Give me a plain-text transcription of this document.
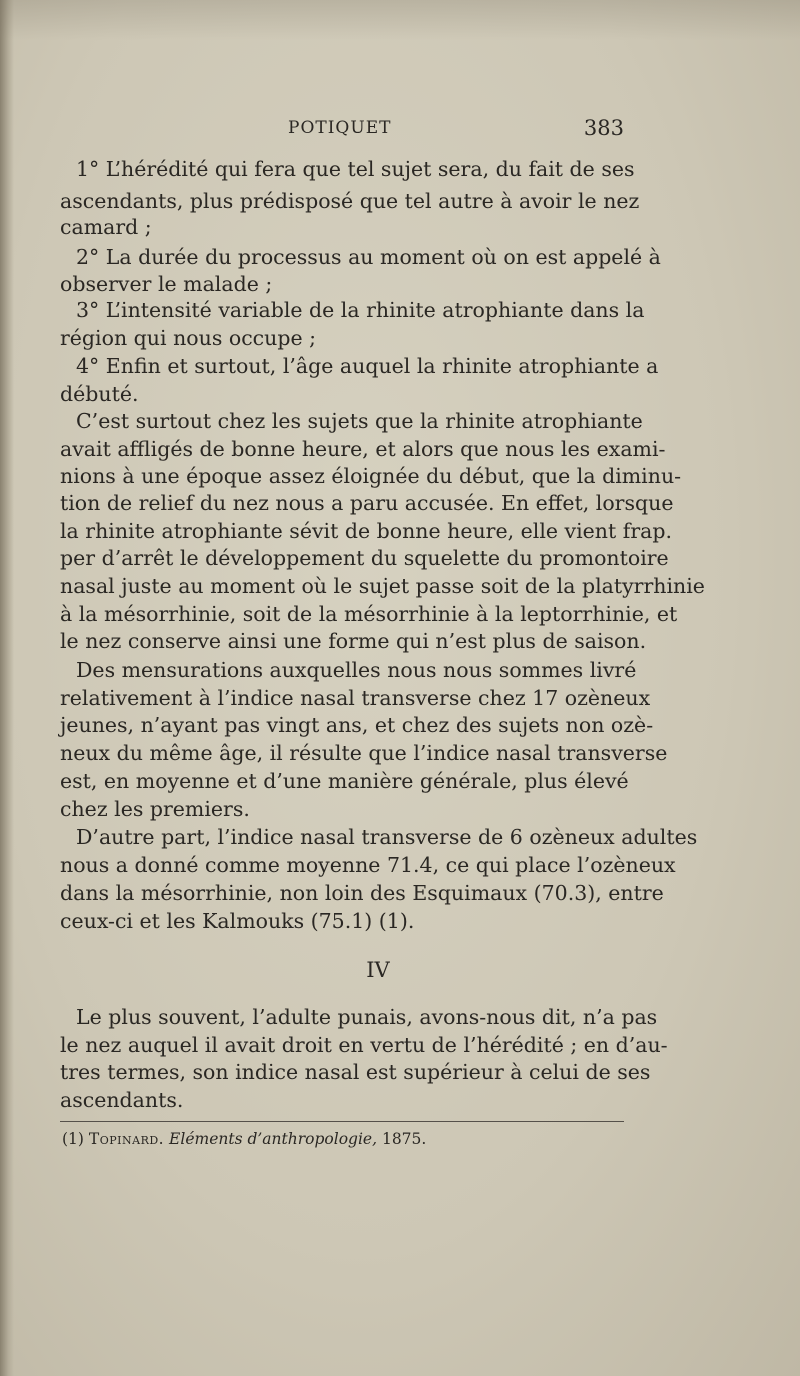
POTIQUET	383
1° L’hérédité qui fera que tel sujet sera, du fait de ses
ascendants, plus prédisposé que tel autre à avoir le nez
camard ;
2° La durée du processus au moment où on est appelé à
observer le malade ;
3° L’intensité variable de la rhinite atrophiante dans la
région qui nous occupe ;
4° Enfin et surtout, l’âge auquel la rhinite atrophiante a
débuté.
C’est surtout chez les sujets que la rhinite atrophiante
avait affligés de bonne heure, et alors que nous les exami-
nions à une époque assez éloignée du début, que la diminu-
tion de relief du nez nous a paru accusée. En effet, lorsque
la rhinite atrophiante sévit de bonne heure, elle vient frap.
per d’arrêt le développement du squelette du promontoire
nasal juste au moment où le sujet passe soit de la platyrrhinie
à la mésorrhinie, soit de la mésorrhinie à la leptorrhinie, et
le nez conserve ainsi une forme qui n’est plus de saison.
Des mensurations auxquelles nous nous sommes livré
relativement à l’indice nasal transverse chez 17 ozèneux
jeunes, n’ayant pas vingt ans, et chez des sujets non ozè-
neux du même âge, il résulte que l’indice nasal transverse
est, en moyenne et d’une manière générale, plus élevé
chez les premiers.
D’autre part, l’indice nasal transverse de 6 ozèneux adultes
nous a donné comme moyenne 71.4, ce qui place l’ozèneux
dans la mésorrhinie, non loin des Esquimaux (70.3), entre
ceux-ci et les Kalmouks (75.1) (1).
IV
Le plus souvent, l’adulte punais, avons-nous dit, n’a pas
le nez auquel il avait droit en vertu de l’hérédité ; en d’au-
tres termes, son indice nasal est supérieur à celui de ses
ascendants.
(1) Topinard. Eléments d’anthropologie, 1875.
